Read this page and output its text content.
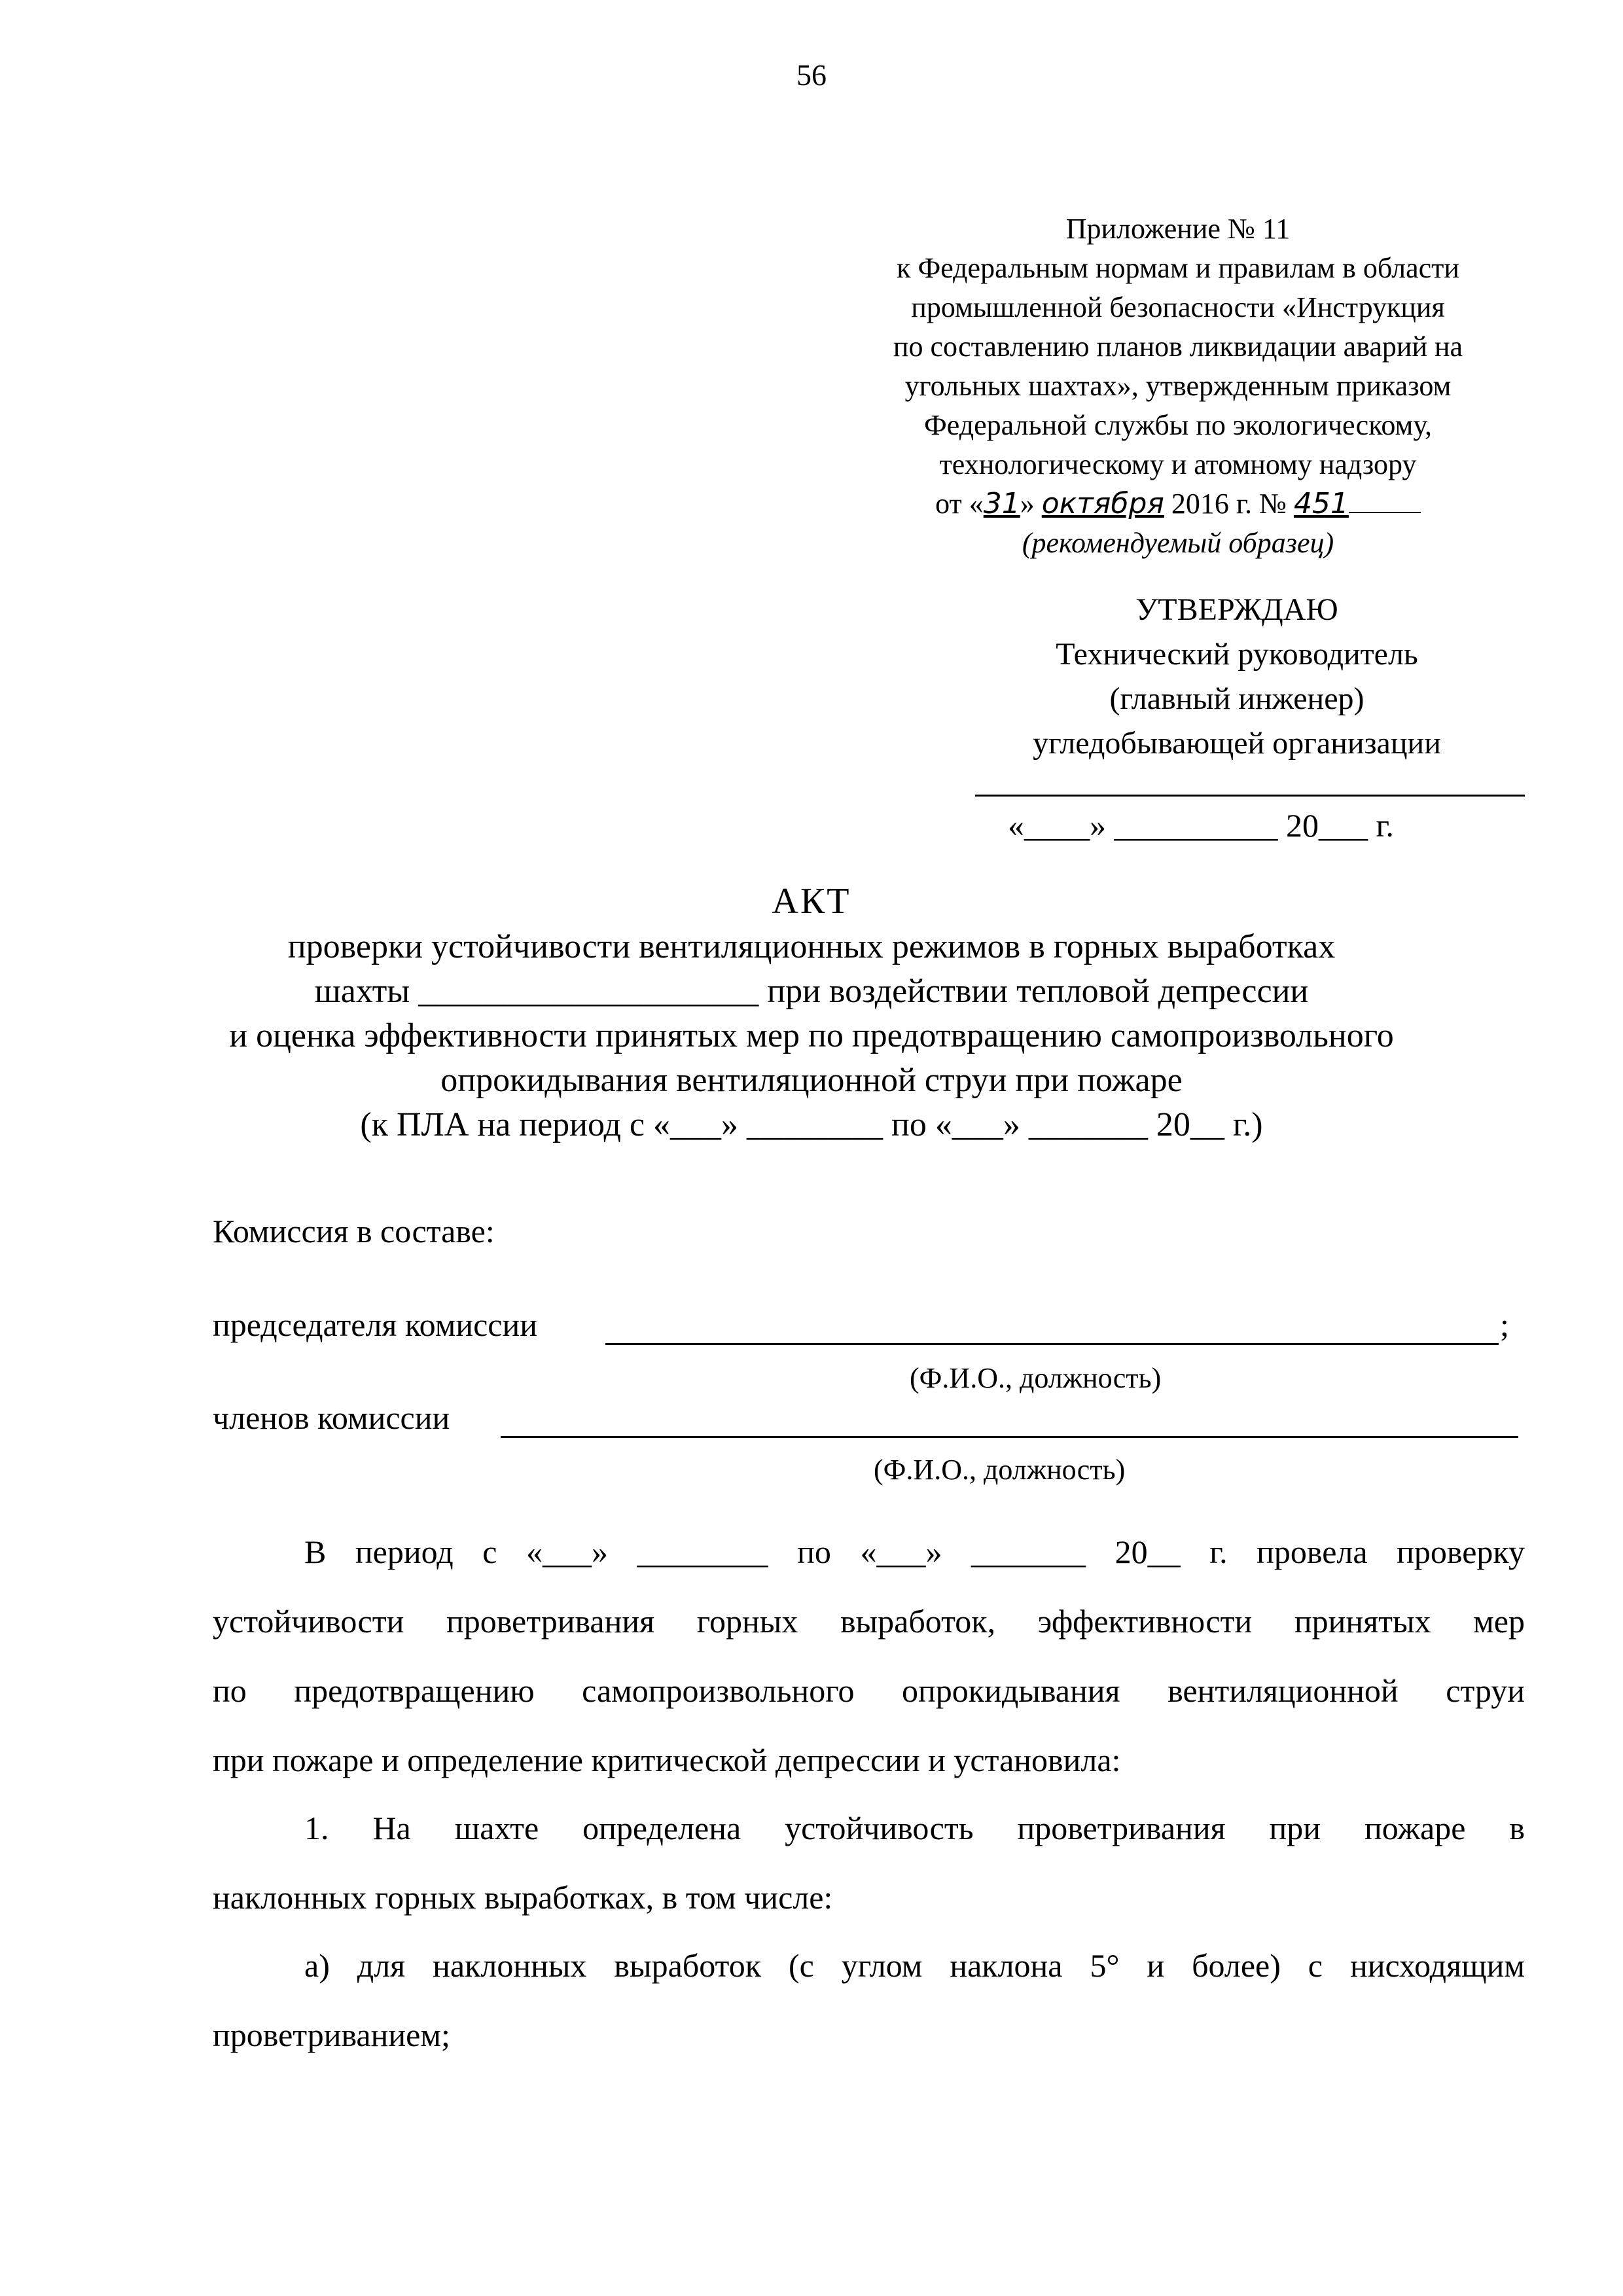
56
Приложение № 11
к Федеральным нормам и правилам в области
промышленной безопасности «Инструкция
по составлению планов ликвидации аварий на
угольных шахтах», утвержденным приказом
Федеральной службы по экологическому,
технологическому и атомному надзору
от «31» октября 2016 г. № 451
(рекомендуемый образец)
УТВЕРЖДАЮ
Технический руководитель
(главный инженер)
угледобывающей организации
«____» __________ 20___ г.
АКТ
проверки устойчивости вентиляционных режимов в горных выработках
шахты ____________________ при воздействии тепловой депрессии
и оценка эффективности принятых мер по предотвращению самопроизвольного
опрокидывания вентиляционной струи при пожаре
(к ПЛА на период с «___» ________ по «___» _______ 20__ г.)
Комиссия в составе:
председателя комиссии	;
(Ф.И.О., должность)
членов комиссии
(Ф.И.О., должность)
В период с «___» ________ по «___» _______ 20__ г. провела проверку
устойчивости проветривания горных выработок, эффективности принятых мер
по предотвращению самопроизвольного опрокидывания вентиляционной струи
при пожаре и определение критической депрессии и установила:
1. На шахте определена устойчивость проветривания при пожаре в
наклонных горных выработках, в том числе:
а) для наклонных выработок (с углом наклона 5° и более) с нисходящим
проветриванием;
